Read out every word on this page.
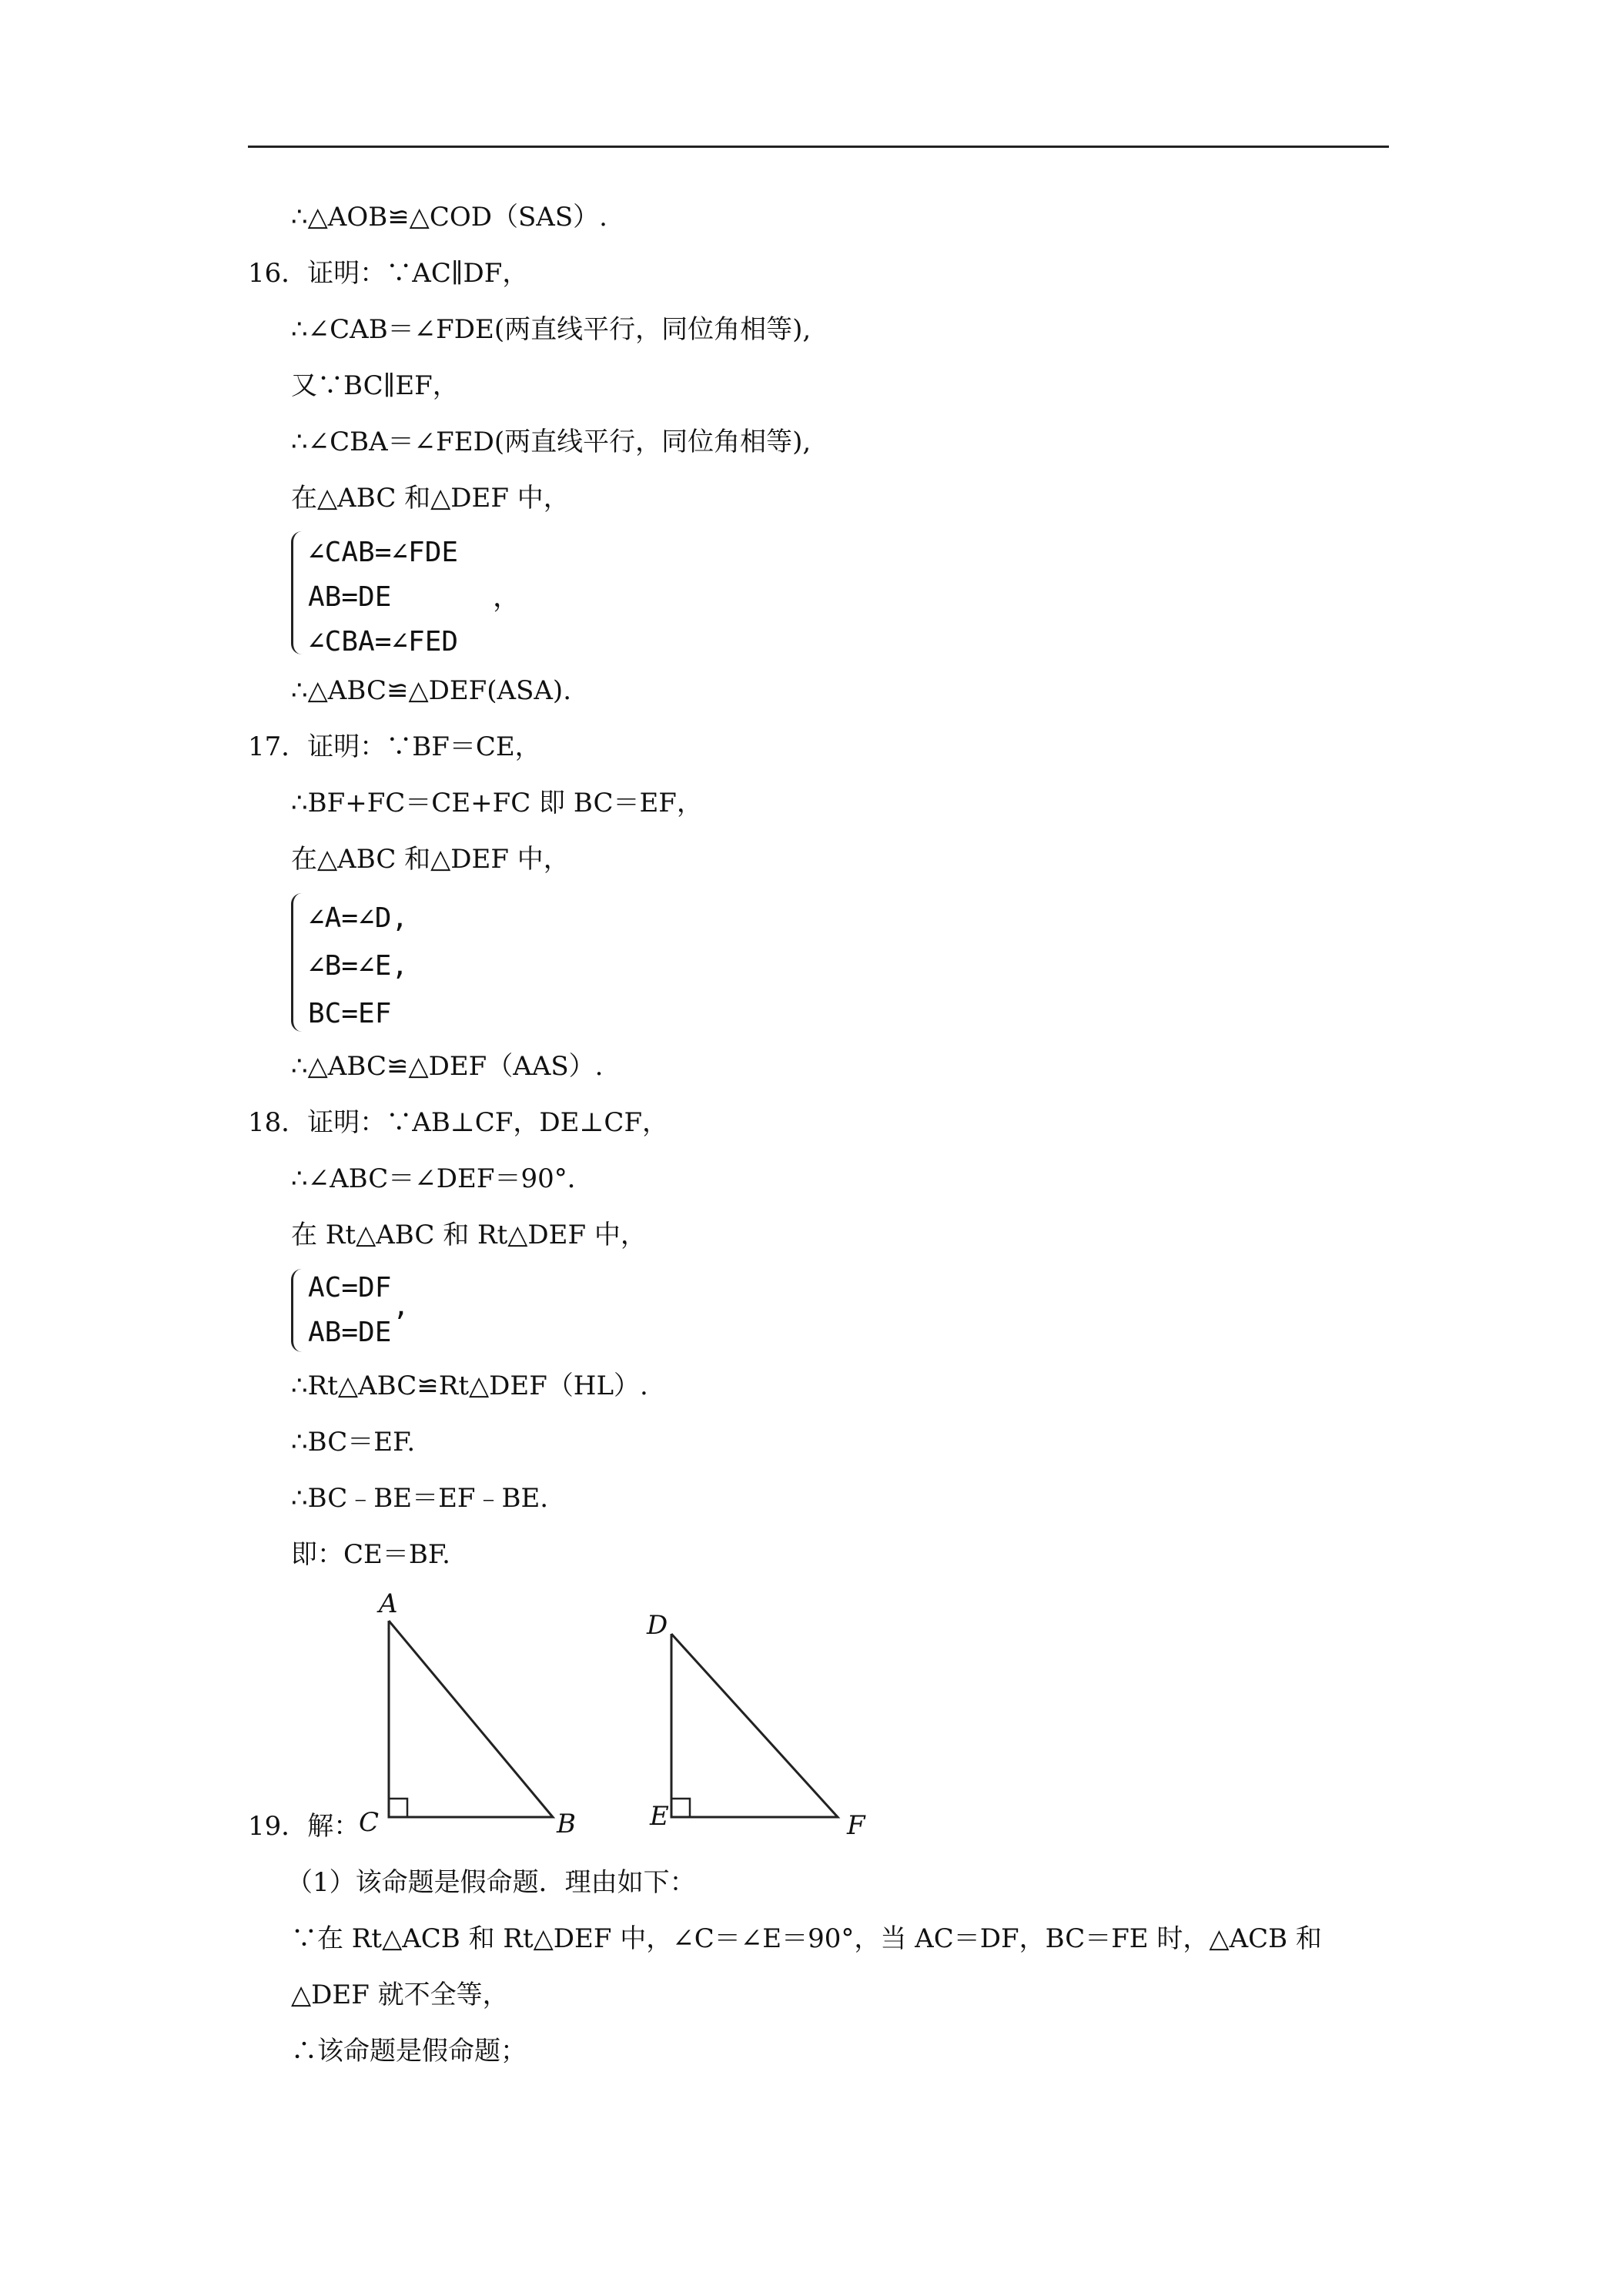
∴△AOB≌△COD（SAS）.
16．证明：∵AC∥DF，
∴∠CAB＝∠FDE(两直线平行，同位角相等),
又∵BC∥EF，
∴∠CBA＝∠FED(两直线平行，同位角相等),
在△ABC 和△DEF 中，
∠CAB=∠FDE
AB=DE
∠CBA=∠FED
，
∴△ABC≌△DEF(ASA).
17．证明：∵BF＝CE，
∴BF+FC＝CE+FC 即 BC＝EF，
在△ABC 和△DEF 中，
∠A=∠D,
∠B=∠E,
BC=EF
∴△ABC≌△DEF（AAS）.
18．证明：∵AB⊥CF，DE⊥CF，
∴∠ABC＝∠DEF＝90°．
在 Rt△ABC 和 Rt△DEF 中，
AC=DF
AB=DE
,
∴Rt△ABC≌Rt△DEF（HL）.
∴BC＝EF.
∴BC﹣BE＝EF﹣BE.
即：CE＝BF.
A
C	B
D
E	F
19．解：
（1）该命题是假命题．理由如下：
∵在 Rt△ACB 和 Rt△DEF 中，∠C＝∠E＝90°，当 AC＝DF，BC＝FE 时，△ACB 和
△DEF 就不全等，
∴该命题是假命题；
